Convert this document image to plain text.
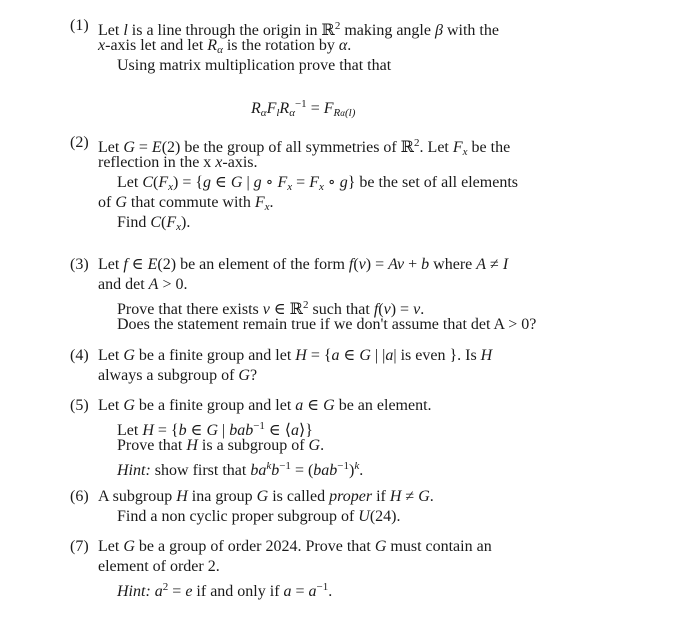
(1) Let l is a line through the origin in ℝ$^2$ making angle β with the
x-axis let and let $R_\alpha$ is the rotation by α.
Using matrix multiplication prove that that
$R_\alpha F_lR_\alpha^{-1} = F_R\alpha_{(l)}$
(2) Let G = E(2) be the group of all symmetries of ℝ$^2$. Let $F_x$ be the
reflection in the x x-axis.
Let $C(F_x) = \{g$ ∈ G | g ∘ $F_x = F_x$ ∘ g} be the set of all elements
of G that commute with $F_x$.
Find $C(F_x)$.
(3) Let f ∈ E(2) be an element of the form f(v) = Av + b where A ≠ I
and det A > 0.
Prove that there exists v ∈ ℝ$^2$ such that f(v) = v.
Does the statement remain true if we don't assume that det A > 0?
(4) Let G be a finite group and let H = {a ∈ G | |a| is even }. Is H
always a subgroup of G?
(5) Let G be a finite group and let a ∈ G be an element.
Let H = {b ∈ G | bab$^{-1}$ ∈ ⟨a⟩}
Prove that H is a subgroup of G.
Hint: show first that $ba^kb^{-1} = (bab^{-1})^k$.
(6) A subgroup H ina group G is called proper if H ≠ G.
Find a non cyclic proper subgroup of U(24).
(7) Let G be a group of order 2024. Prove that G must contain an
element of order 2.
Hint: $a^2 = e$ if and only if $a = a^{-1}$.
